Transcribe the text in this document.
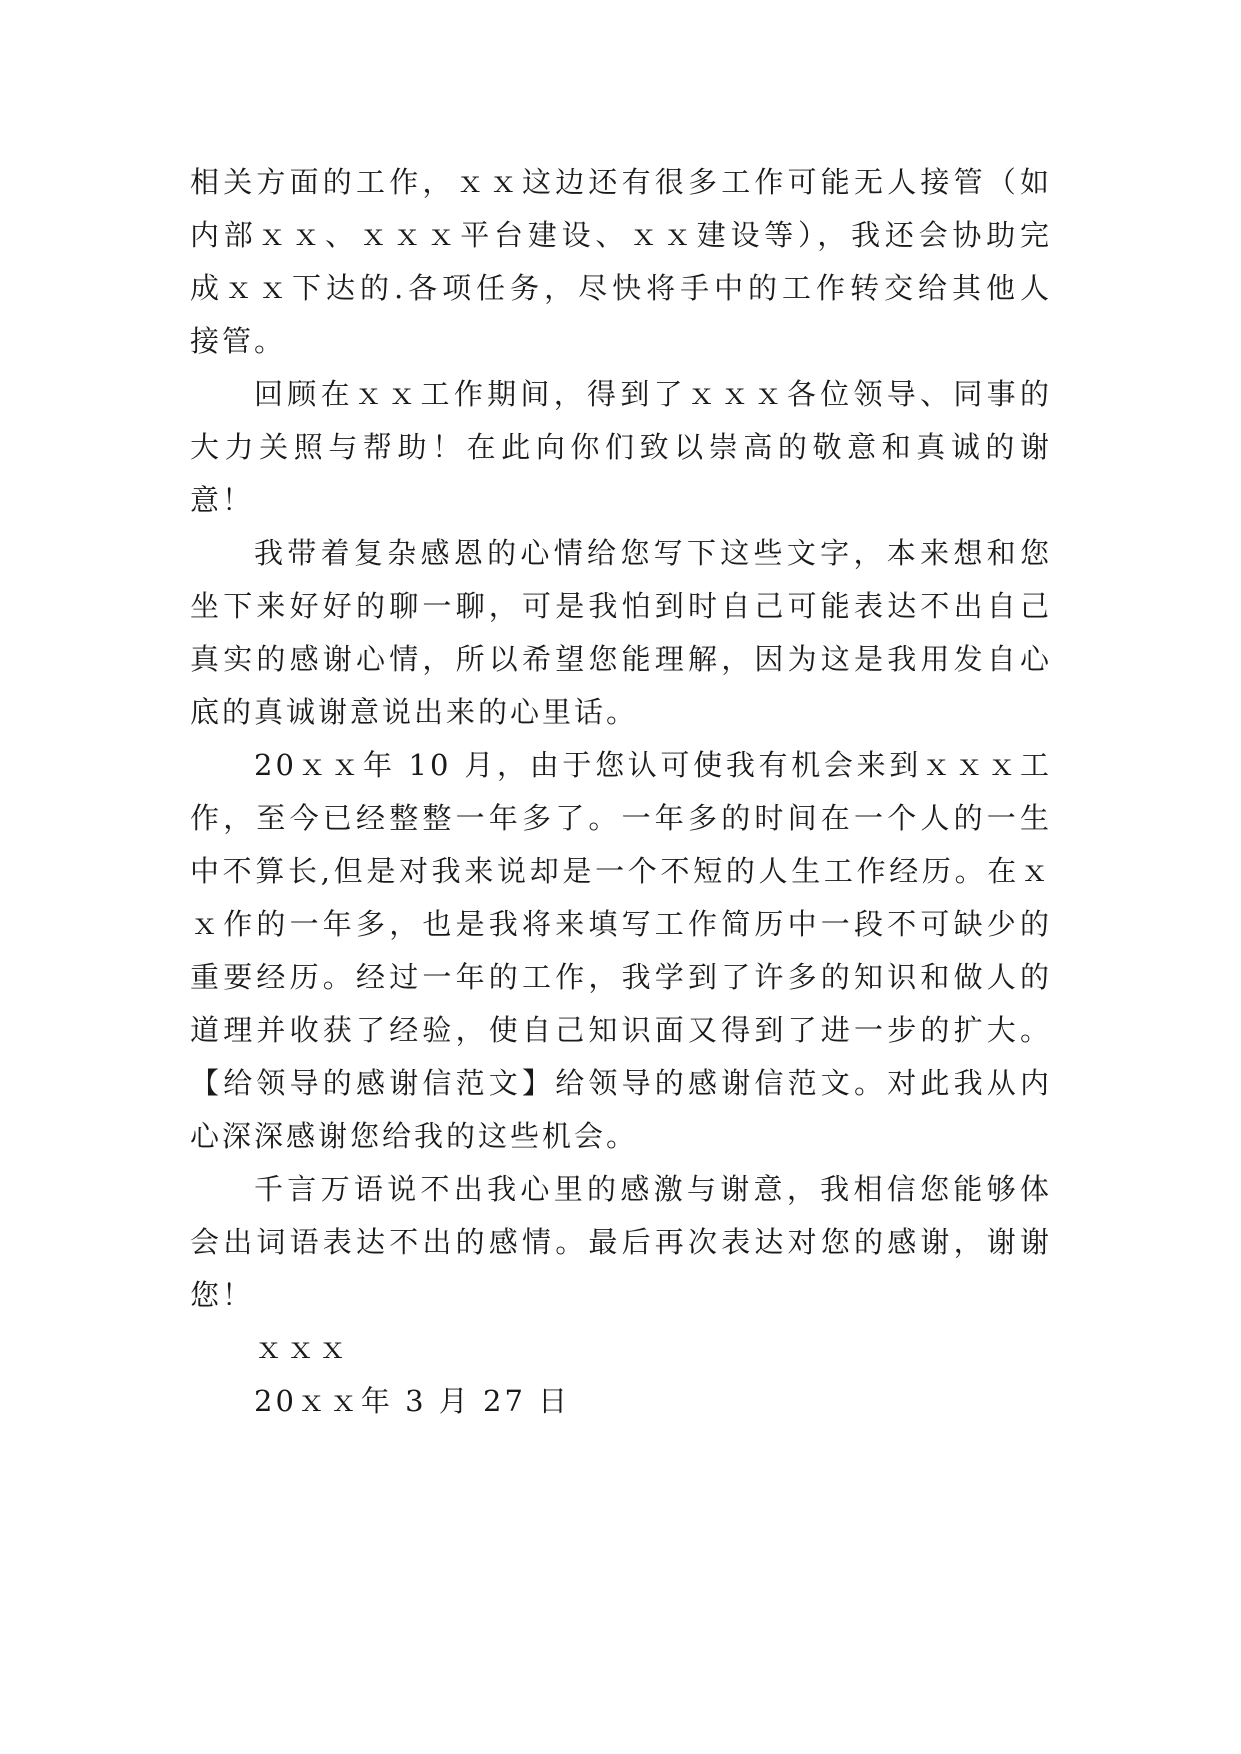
相关方面的工作，ｘｘ这边还有很多工作可能无人接管（如
内部ｘｘ、ｘｘｘ平台建设、ｘｘ建设等），我还会协助完
成ｘｘ下达的.各项任务，尽快将手中的工作转交给其他人
接管。
回顾在ｘｘ工作期间，得到了ｘｘｘ各位领导、同事的
大力关照与帮助！在此向你们致以崇高的敬意和真诚的谢
意！
我带着复杂感恩的心情给您写下这些文字，本来想和您
坐下来好好的聊一聊，可是我怕到时自己可能表达不出自己
真实的感谢心情，所以希望您能理解，因为这是我用发自心
底的真诚谢意说出来的心里话。
20ｘｘ年 10 月，由于您认可使我有机会来到ｘｘｘ工
作，至今已经整整一年多了。一年多的时间在一个人的一生
中不算长,但是对我来说却是一个不短的人生工作经历。在ｘ
ｘ作的一年多，也是我将来填写工作简历中一段不可缺少的
重要经历。经过一年的工作，我学到了许多的知识和做人的
道理并收获了经验，使自己知识面又得到了进一步的扩大。
【给领导的感谢信范文】给领导的感谢信范文。对此我从内
心深深感谢您给我的这些机会。
千言万语说不出我心里的感激与谢意，我相信您能够体
会出词语表达不出的感情。最后再次表达对您的感谢，谢谢
您！
ｘｘｘ
20ｘｘ年 3 月 27 日
